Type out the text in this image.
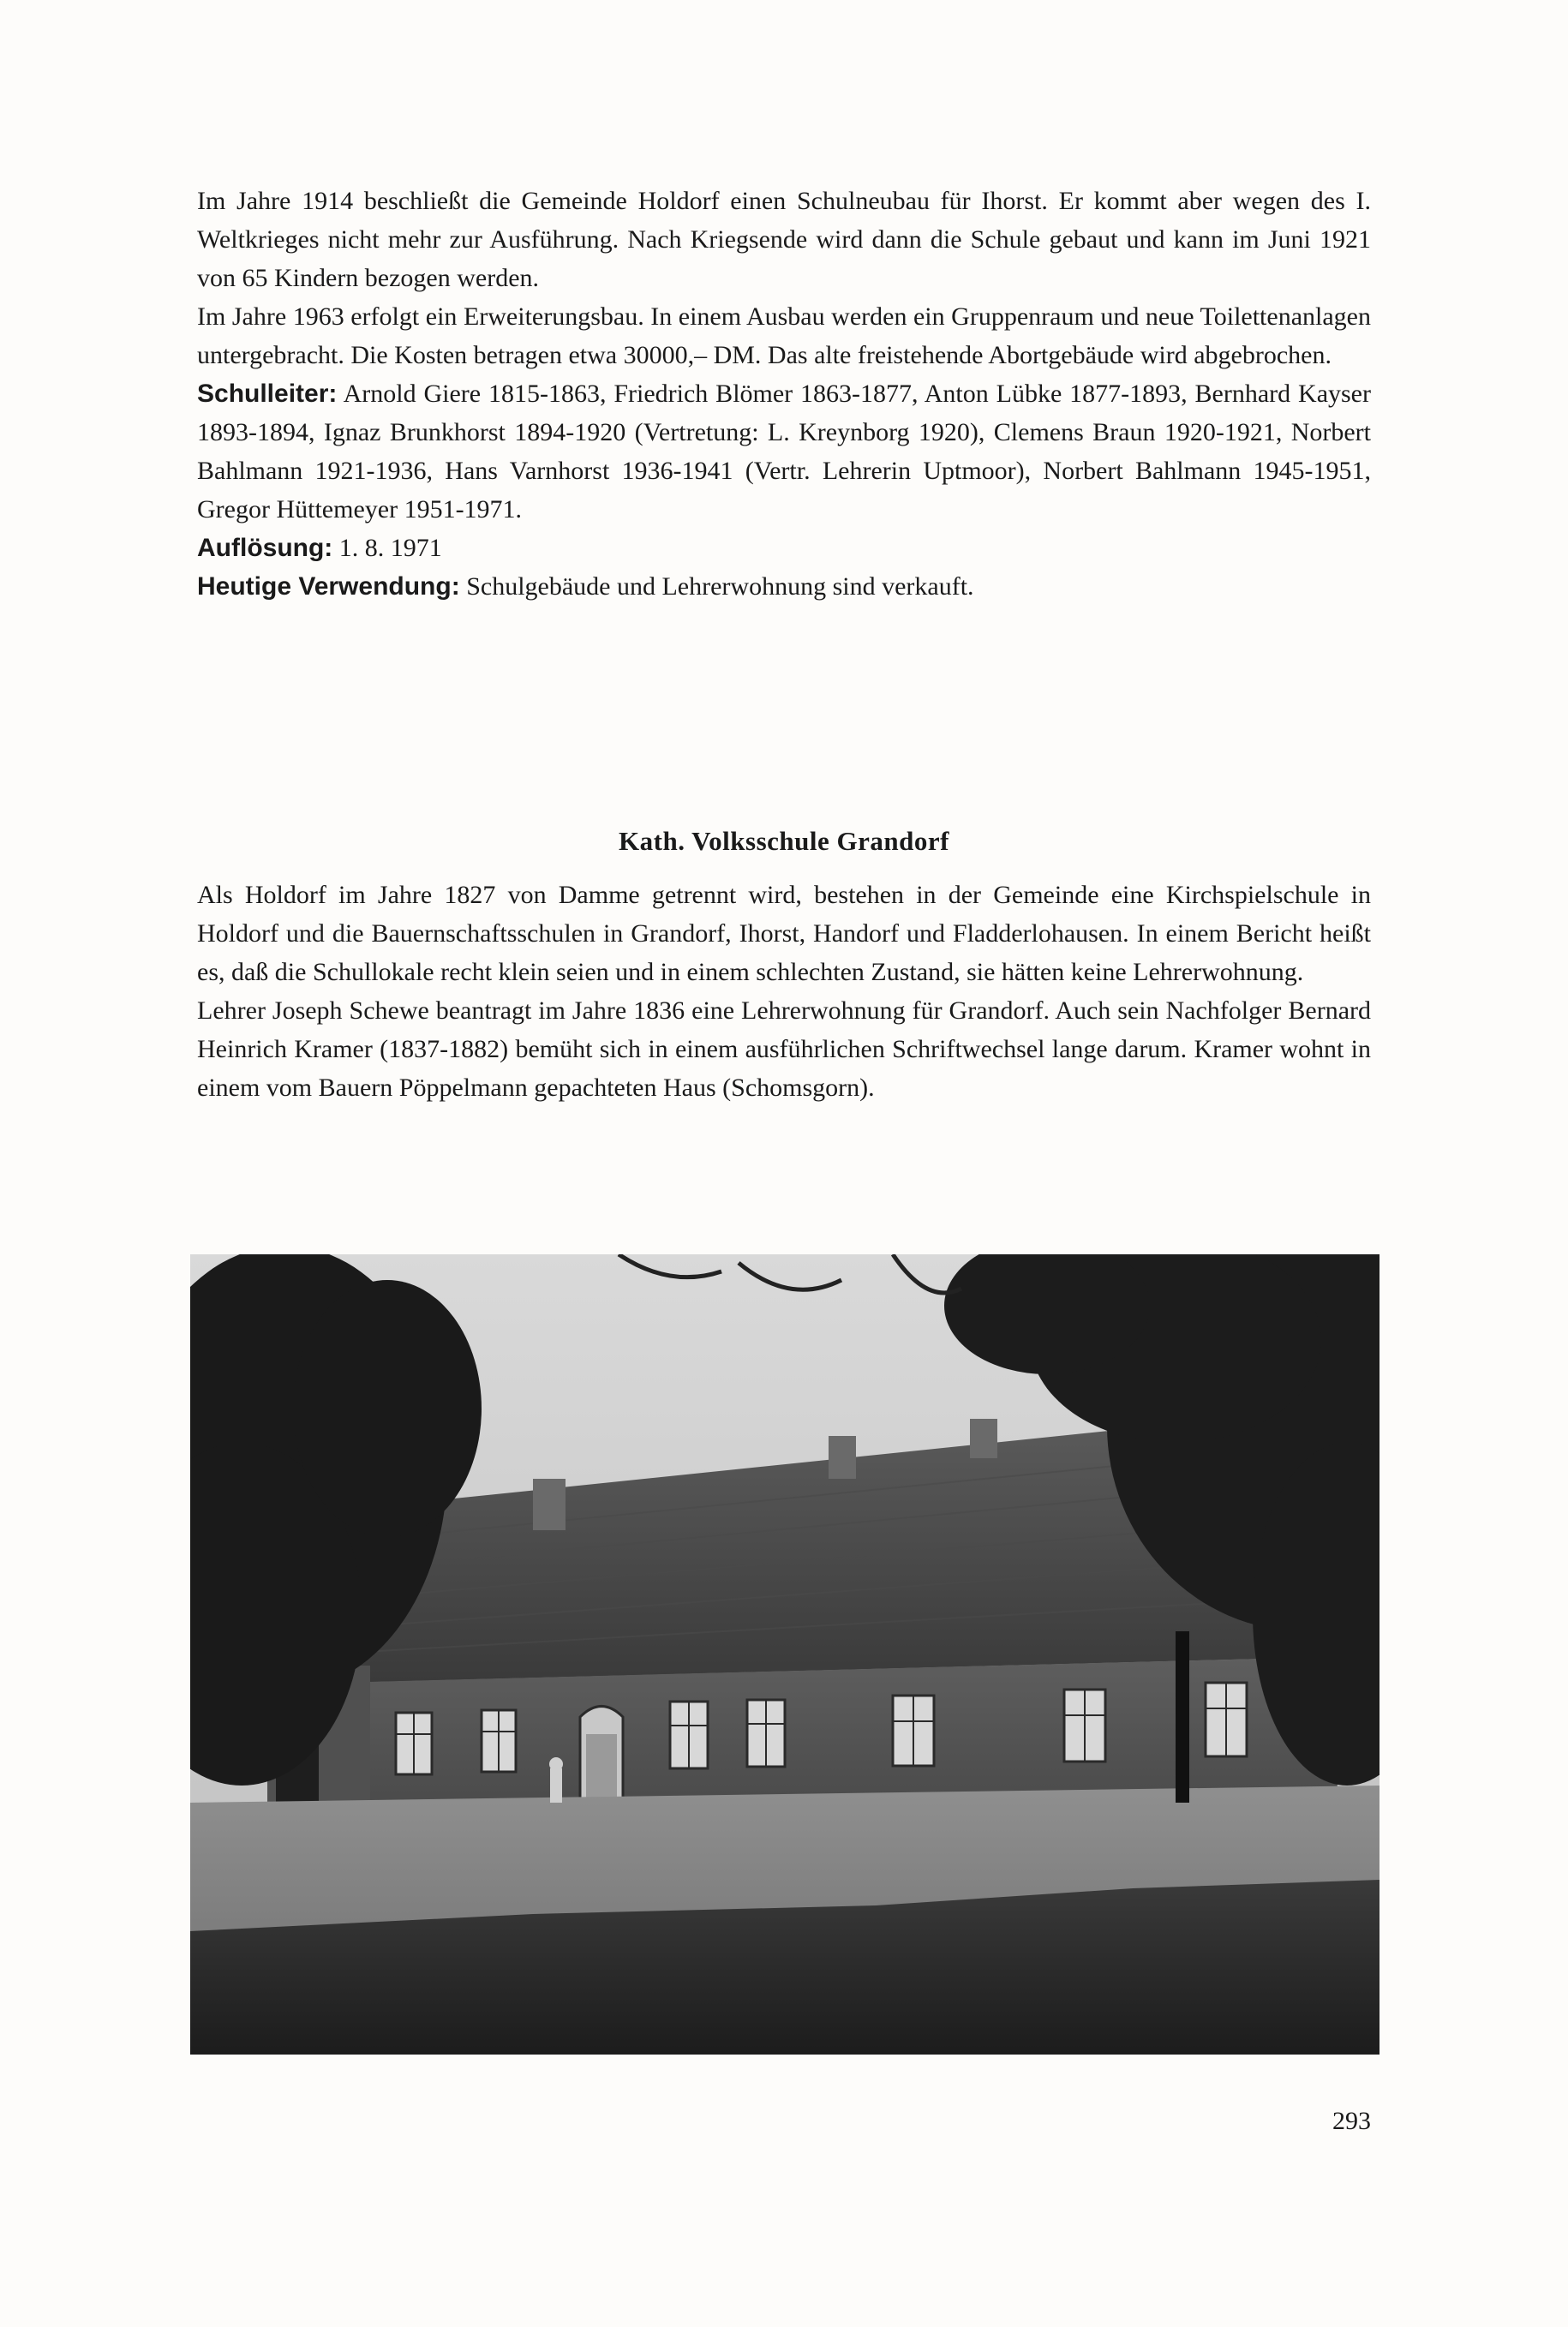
Im Jahre 1914 beschließt die Gemeinde Holdorf einen Schulneubau für Ihorst. Er kommt aber wegen des I. Weltkrieges nicht mehr zur Ausführung. Nach Kriegsende wird dann die Schule gebaut und kann im Juni 1921 von 65 Kindern bezogen werden.

Im Jahre 1963 erfolgt ein Erweiterungsbau. In einem Ausbau werden ein Gruppenraum und neue Toilettenanlagen untergebracht. Die Kosten betragen etwa 30000,– DM. Das alte freistehende Abortgebäude wird abgebrochen.

Schulleiter: Arnold Giere 1815-1863, Friedrich Blömer 1863-1877, Anton Lübke 1877-1893, Bernhard Kayser 1893-1894, Ignaz Brunkhorst 1894-1920 (Vertretung: L. Kreynborg 1920), Clemens Braun 1920-1921, Norbert Bahlmann 1921-1936, Hans Varnhorst 1936-1941 (Vertr. Lehrerin Uptmoor), Norbert Bahlmann 1945-1951, Gregor Hüttemeyer 1951-1971.

Auflösung: 1. 8. 1971

Heutige Verwendung: Schulgebäude und Lehrerwohnung sind verkauft.

Kath. Volksschule Grandorf

Als Holdorf im Jahre 1827 von Damme getrennt wird, bestehen in der Gemeinde eine Kirchspielschule in Holdorf und die Bauernschaftsschulen in Grandorf, Ihorst, Handorf und Fladderlohausen. In einem Bericht heißt es, daß die Schullokale recht klein seien und in einem schlechten Zustand, sie hätten keine Lehrerwohnung.

Lehrer Joseph Schewe beantragt im Jahre 1836 eine Lehrerwohnung für Grandorf. Auch sein Nachfolger Bernard Heinrich Kramer (1837-1882) bemüht sich in einem ausführlichen Schriftwechsel lange darum. Kramer wohnt in einem vom Bauern Pöppelmann gepachteten Haus (Schomsgorn).

293
